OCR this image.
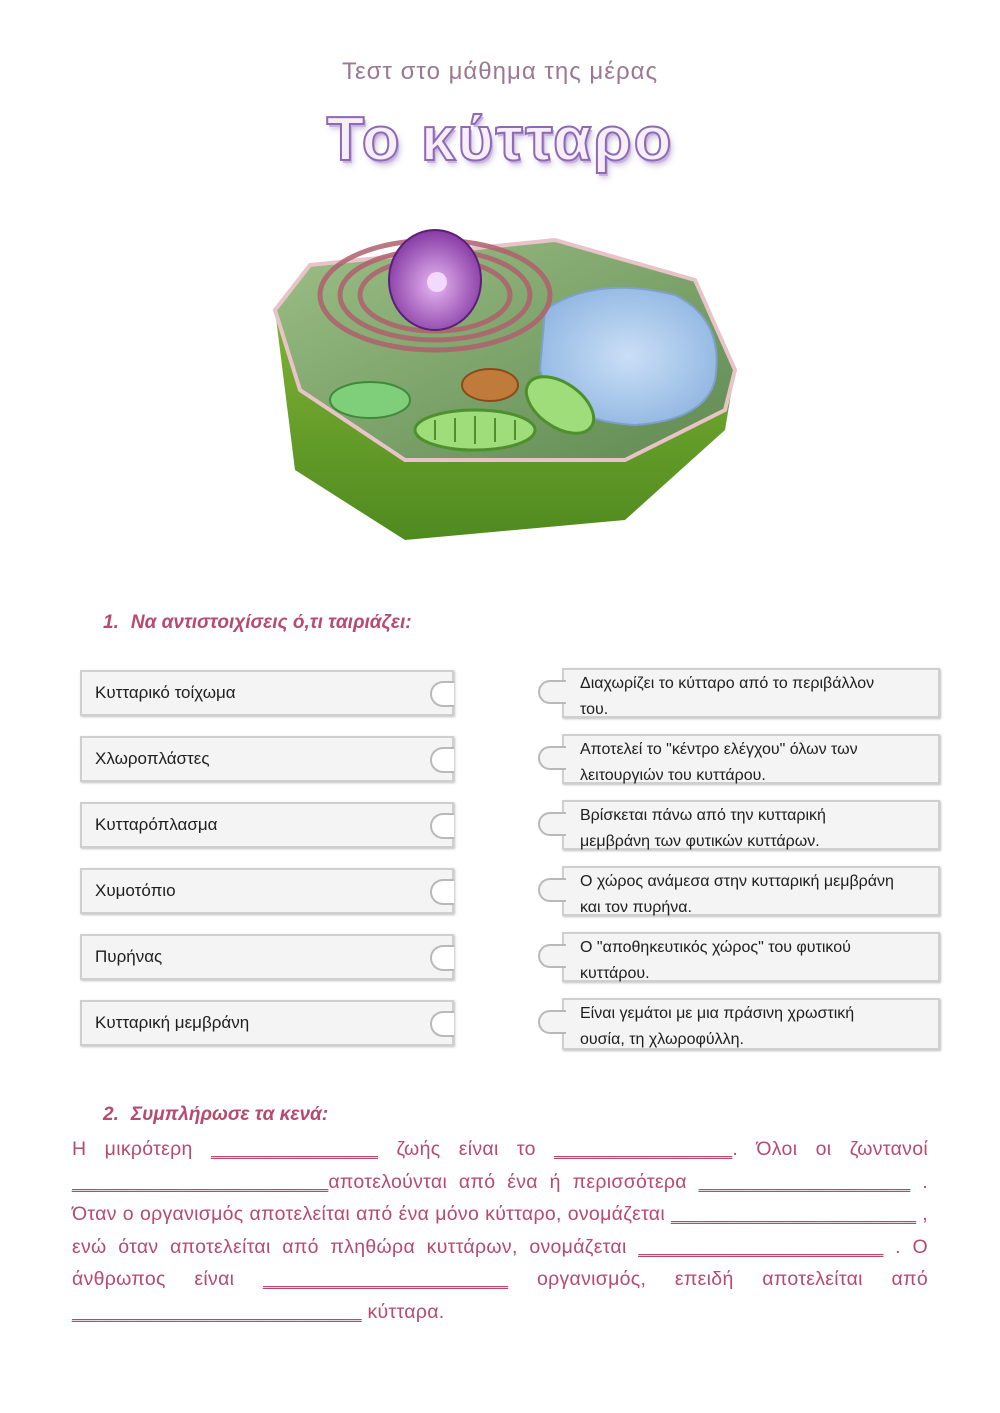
Τεστ στο μάθημα της μέρας
Το κύτταρο
1. Να αντιστοιχίσεις ό,τι ταιριάζει:
Κυτταρικό τοίχωμα
Χλωροπλάστες
Κυτταρόπλασμα
Χυμοτόπιο
Πυρήνας
Κυτταρική μεμβράνη
Διαχωρίζει το κύτταρο από το περιβάλλον
του.
Αποτελεί το "κέντρο ελέγχου" όλων των
λειτουργιών του κυττάρου.
Βρίσκεται πάνω από την κυτταρική
μεμβράνη των φυτικών κυττάρων.
Ο χώρος ανάμεσα στην κυτταρική μεμβράνη
και τον πυρήνα.
Ο "αποθηκευτικός χώρος" του φυτικού
κυττάρου.
Είναι γεμάτοι με μια πράσινη χρωστική
ουσία, τη χλωροφύλλη.
2. Συμπλήρωσε τα κενά:
Η μικρότερη _______________ ζωής είναι το ________________. Όλοι οι ζωντανοί _______________________αποτελούνται από ένα ή περισσότερα ___________________ . Όταν ο οργανισμός αποτελείται από ένα μόνο κύτταρο, ονομάζεται ______________________ , ενώ όταν αποτελείται από πληθώρα κυττάρων, ονομάζεται ______________________ . Ο άνθρωπος είναι ______________________ οργανισμός, επειδή αποτελείται από __________________________ κύτταρα.
